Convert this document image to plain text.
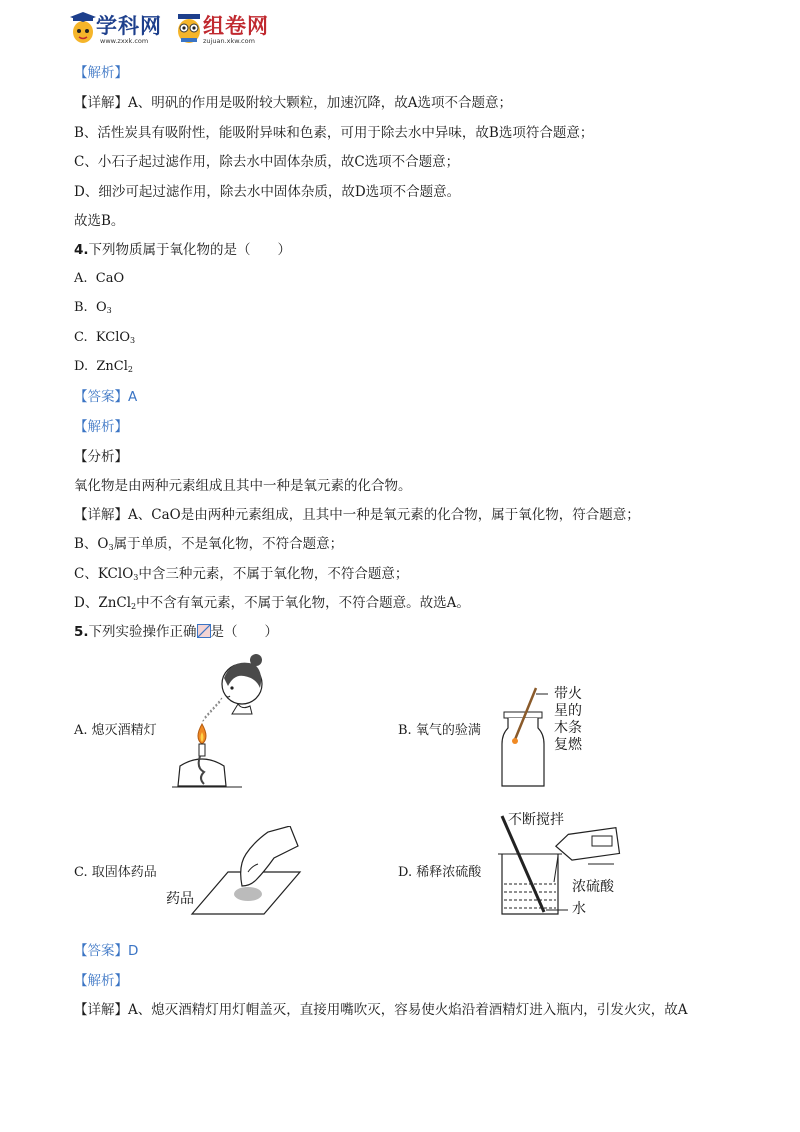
学科网
www.zxxk.com
组卷网
zujuan.xkw.com
【解析】
【详解】A、明矾的作用是吸附较大颗粒，加速沉降，故A选项不合题意；
B、活性炭具有吸附性，能吸附异味和色素，可用于除去水中异味，故B选项符合题意；
C、小石子起过滤作用，除去水中固体杂质，故C选项不合题意；
D、细沙可起过滤作用，除去水中固体杂质，故D选项不合题意。
故选B。
4.下列物质属于氧化物的是（　　）
A. CaO
B. $O_3$
C. KClO$_3$
D. ZnCl$_2$
【答案】A
【解析】
【分析】
氧化物是由两种元素组成且其中一种是氧元素的化合物。
【详解】A、CaO是由两种元素组成，且其中一种是氧元素的化合物，属于氧化物，符合题意；
B、$O_3$属于单质，不是氧化物，不符合题意；
C、KClO$_3$中含三种元素，不属于氧化物，不符合题意；
D、ZnCl$_2$中不含有氧元素，不属于氧化物，不符合题意。故选A。
5.下列实验操作正确 是（　　）
A. 熄灭酒精灯	B. 氧气的验满
带火
星的
木条
复燃
C. 取固体药品
药品
D. 稀释浓硫酸
不断搅拌
浓硫酸
水
【答案】D
【解析】
【详解】A、熄灭酒精灯用灯帽盖灭，直接用嘴吹灭，容易使火焰沿着酒精灯进入瓶内，引发火灾，故A
